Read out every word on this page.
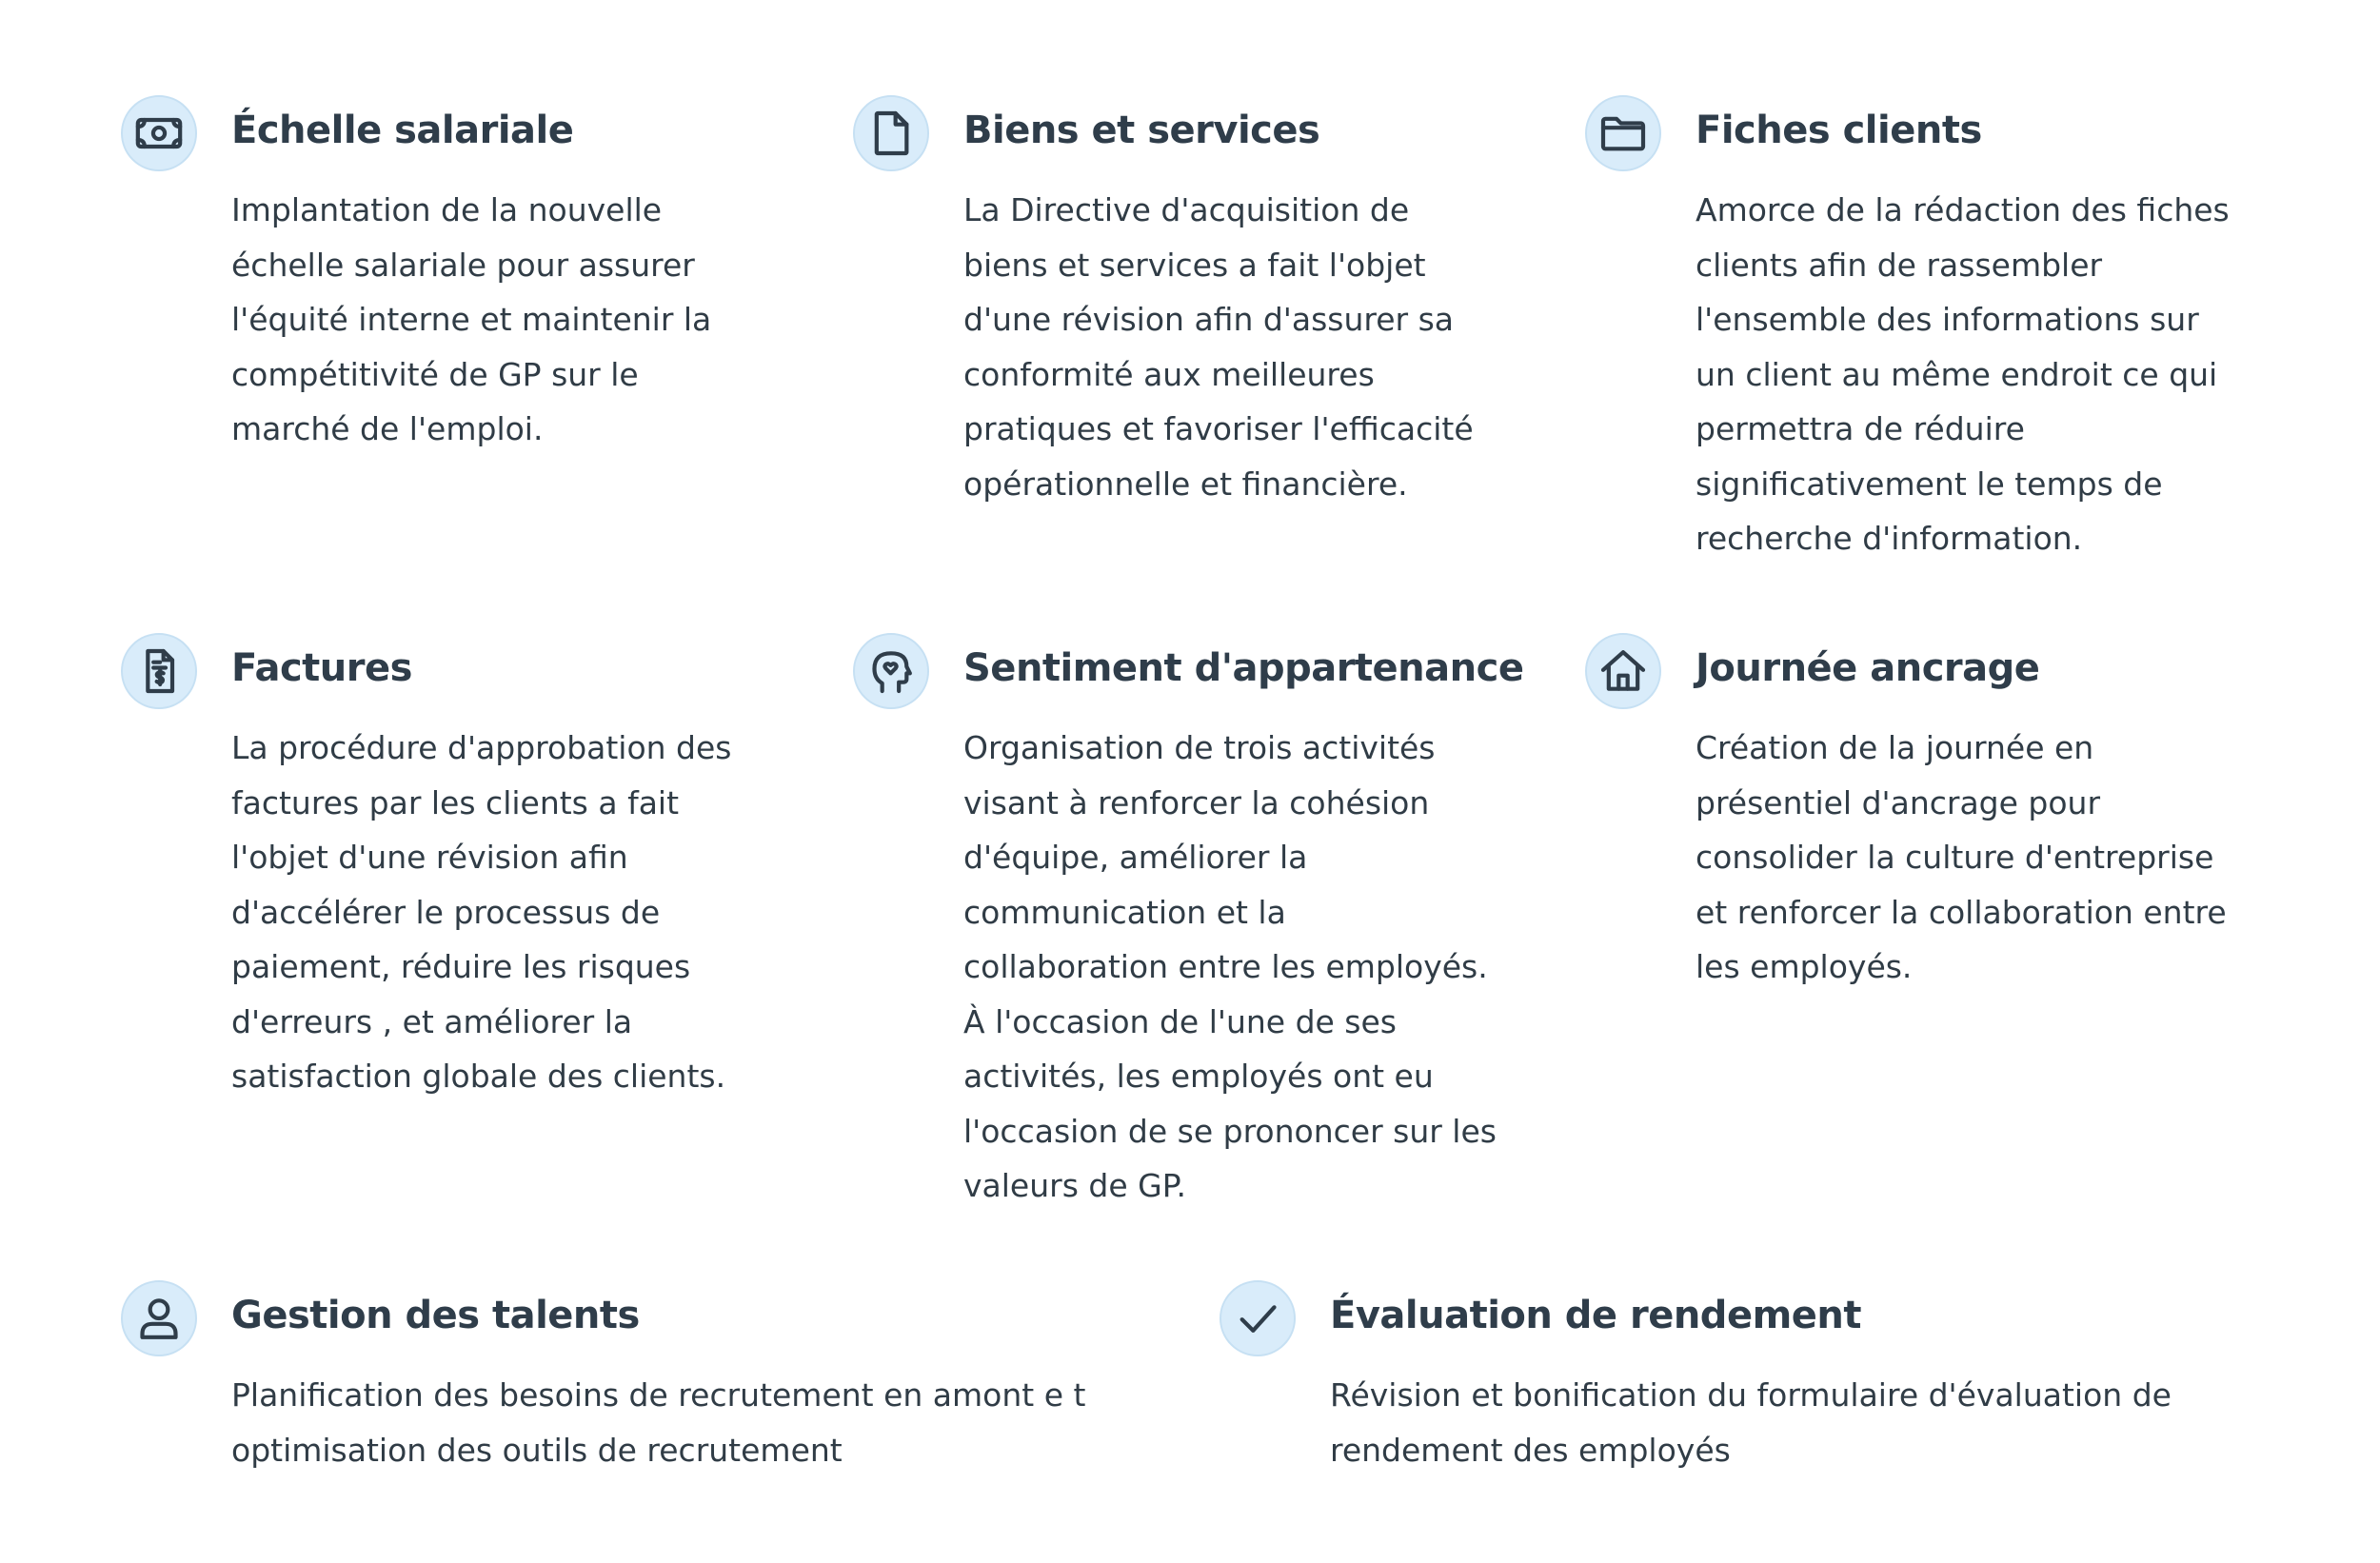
Échelle salariale

Implantation de la nouvelle
échelle salariale pour assurer
l'équité interne et maintenir la
compétitivité de GP sur le
marché de l'emploi.

Biens et services

La Directive d'acquisition de
biens et services a fait l'objet
d'une révision afin d'assurer sa
conformité aux meilleures
pratiques et favoriser l'efficacité
opérationnelle et financière.

Fiches clients

Amorce de la rédaction des fiches
clients afin de rassembler
l'ensemble des informations sur
un client au même endroit ce qui
permettra de réduire
significativement le temps de
recherche d'information.

Factures

La procédure d'approbation des
factures par les clients a fait
l'objet d'une révision afin
d'accélérer le processus de
paiement, réduire les risques
d'erreurs , et améliorer la
satisfaction globale des clients.

Sentiment d'appartenance

Organisation de trois activités
visant à renforcer la cohésion
d'équipe, améliorer la
communication et la
collaboration entre les employés.
À l'occasion de l'une de ses
activités, les employés ont eu
l'occasion de se prononcer sur les
valeurs de GP.

Journée ancrage

Création de la journée en
présentiel d'ancrage pour
consolider la culture d'entreprise
et renforcer la collaboration entre
les employés.

Gestion des talents

Planification des besoins de recrutement en amont e t
optimisation des outils de recrutement

Évaluation de rendement

Révision et bonification du formulaire d'évaluation de
rendement des employés
